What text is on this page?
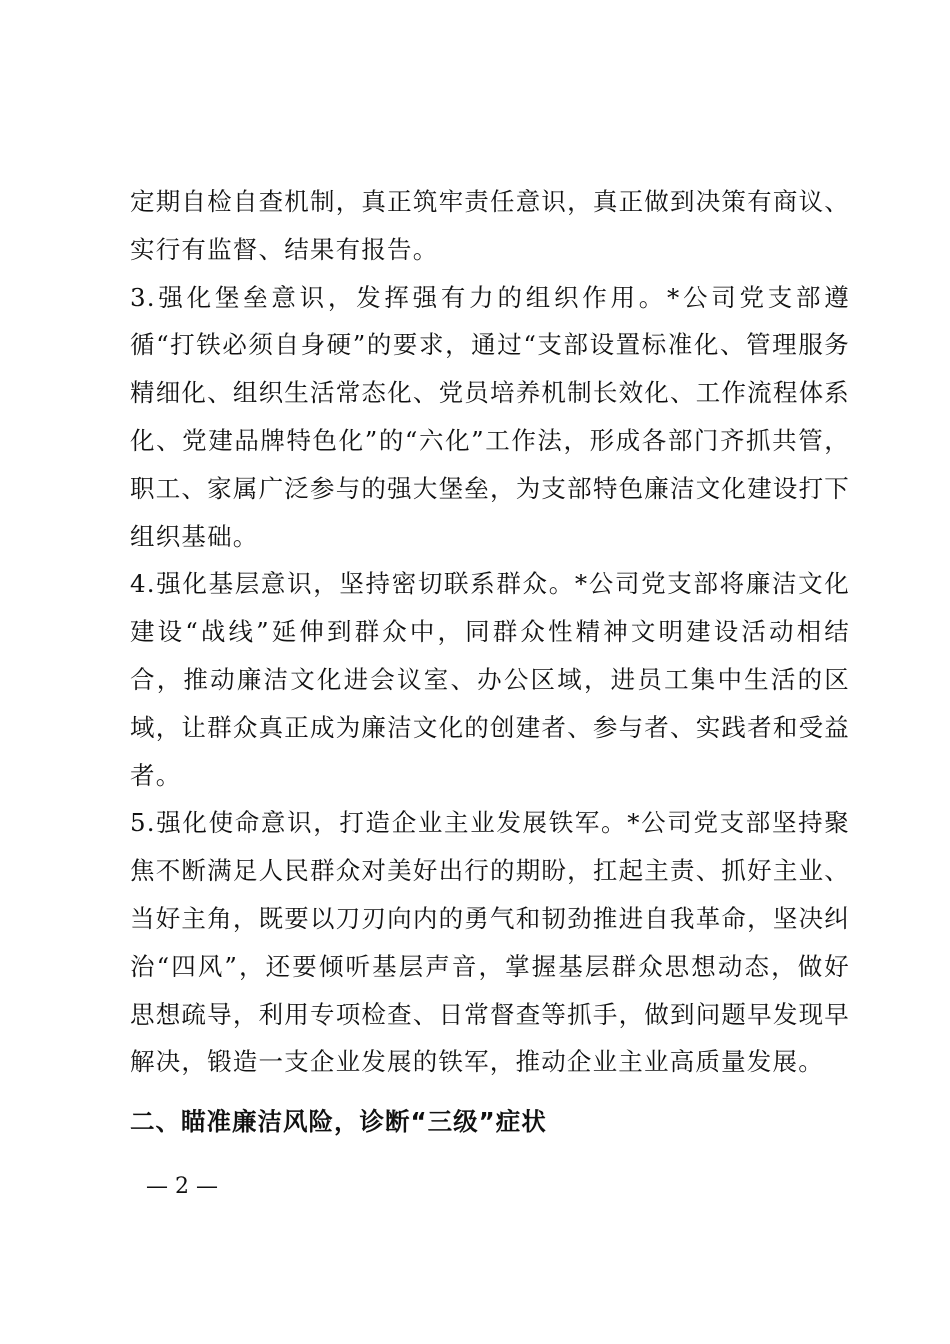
定期自检自查机制，真正筑牢责任意识，真正做到决策有商议、实行有监督、结果有报告。

3.强化堡垒意识，发挥强有力的组织作用。*公司党支部遵循“打铁必须自身硬”的要求，通过“支部设置标准化、管理服务精细化、组织生活常态化、党员培养机制长效化、工作流程体系化、党建品牌特色化”的“六化”工作法，形成各部门齐抓共管，职工、家属广泛参与的强大堡垒，为支部特色廉洁文化建设打下组织基础。

4.强化基层意识，坚持密切联系群众。*公司党支部将廉洁文化建设“战线”延伸到群众中，同群众性精神文明建设活动相结合，推动廉洁文化进会议室、办公区域，进员工集中生活的区域，让群众真正成为廉洁文化的创建者、参与者、实践者和受益者。

5.强化使命意识，打造企业主业发展铁军。*公司党支部坚持聚焦不断满足人民群众对美好出行的期盼，扛起主责、抓好主业、当好主角，既要以刀刃向内的勇气和韧劲推进自我革命，坚决纠治“四风”，还要倾听基层声音，掌握基层群众思想动态，做好思想疏导，利用专项检查、日常督查等抓手，做到问题早发现早解决，锻造一支企业发展的铁军，推动企业主业高质量发展。

二、瞄准廉洁风险，诊断“三级”症状
— 2 —
